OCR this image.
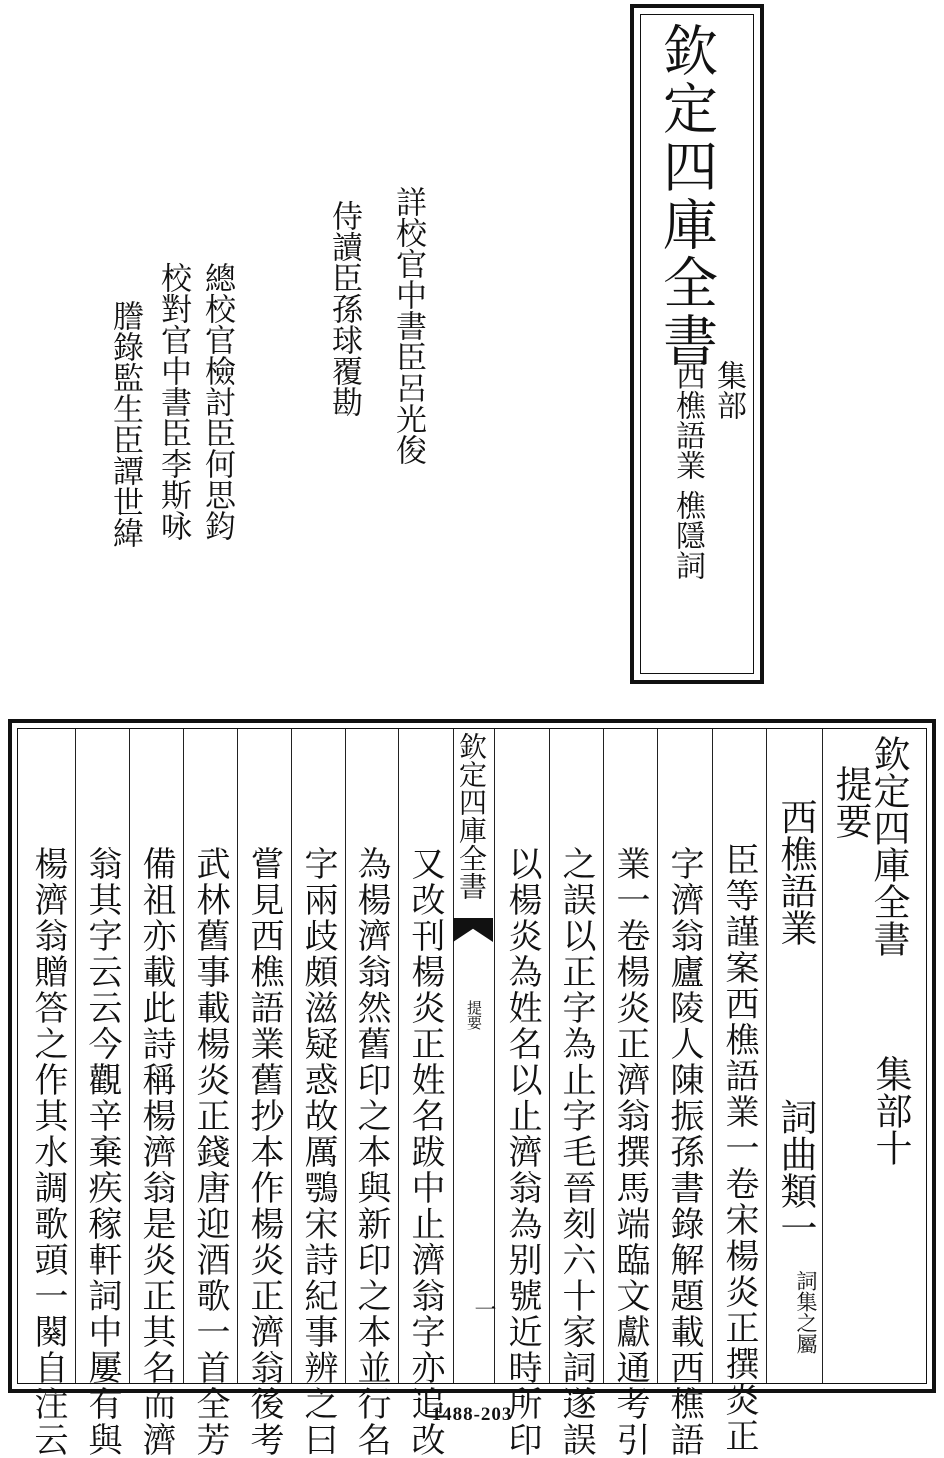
欽定四庫全書
集部
西樵語業
樵隱詞
詳校官中書臣呂光俊
侍讀臣孫球覆勘
總校官檢討臣何思鈞
校對官中書臣李斯咏
謄錄監生臣譚世緯
欽定四庫全書
提要
一
欽定四庫全書
集部十
提要
西樵語業
詞曲類一
詞集之屬
臣等謹案西樵語業一卷宋楊炎正撰炎正
字濟翁廬陵人陳振孫書錄解題載西樵語
業一卷楊炎正濟翁撰馬端臨文獻通考引
之誤以正字為止字毛晉刻六十家詞遂誤
以楊炎為姓名以止濟翁為别號近時所印
又改刊楊炎正姓名跋中止濟翁字亦追改
為楊濟翁然舊印之本與新印之本並行名
字兩歧頗滋疑惑故厲鶚宋詩紀事辨之曰
嘗見西樵語業舊抄本作楊炎正濟翁後考
武林舊事載楊炎正錢唐迎酒歌一首全芳
備祖亦載此詩稱楊濟翁是炎正其名而濟
翁其字云云今觀辛棄疾稼軒詞中屢有與
楊濟翁贈答之作其水調歌頭一闋自注云	1488-203
